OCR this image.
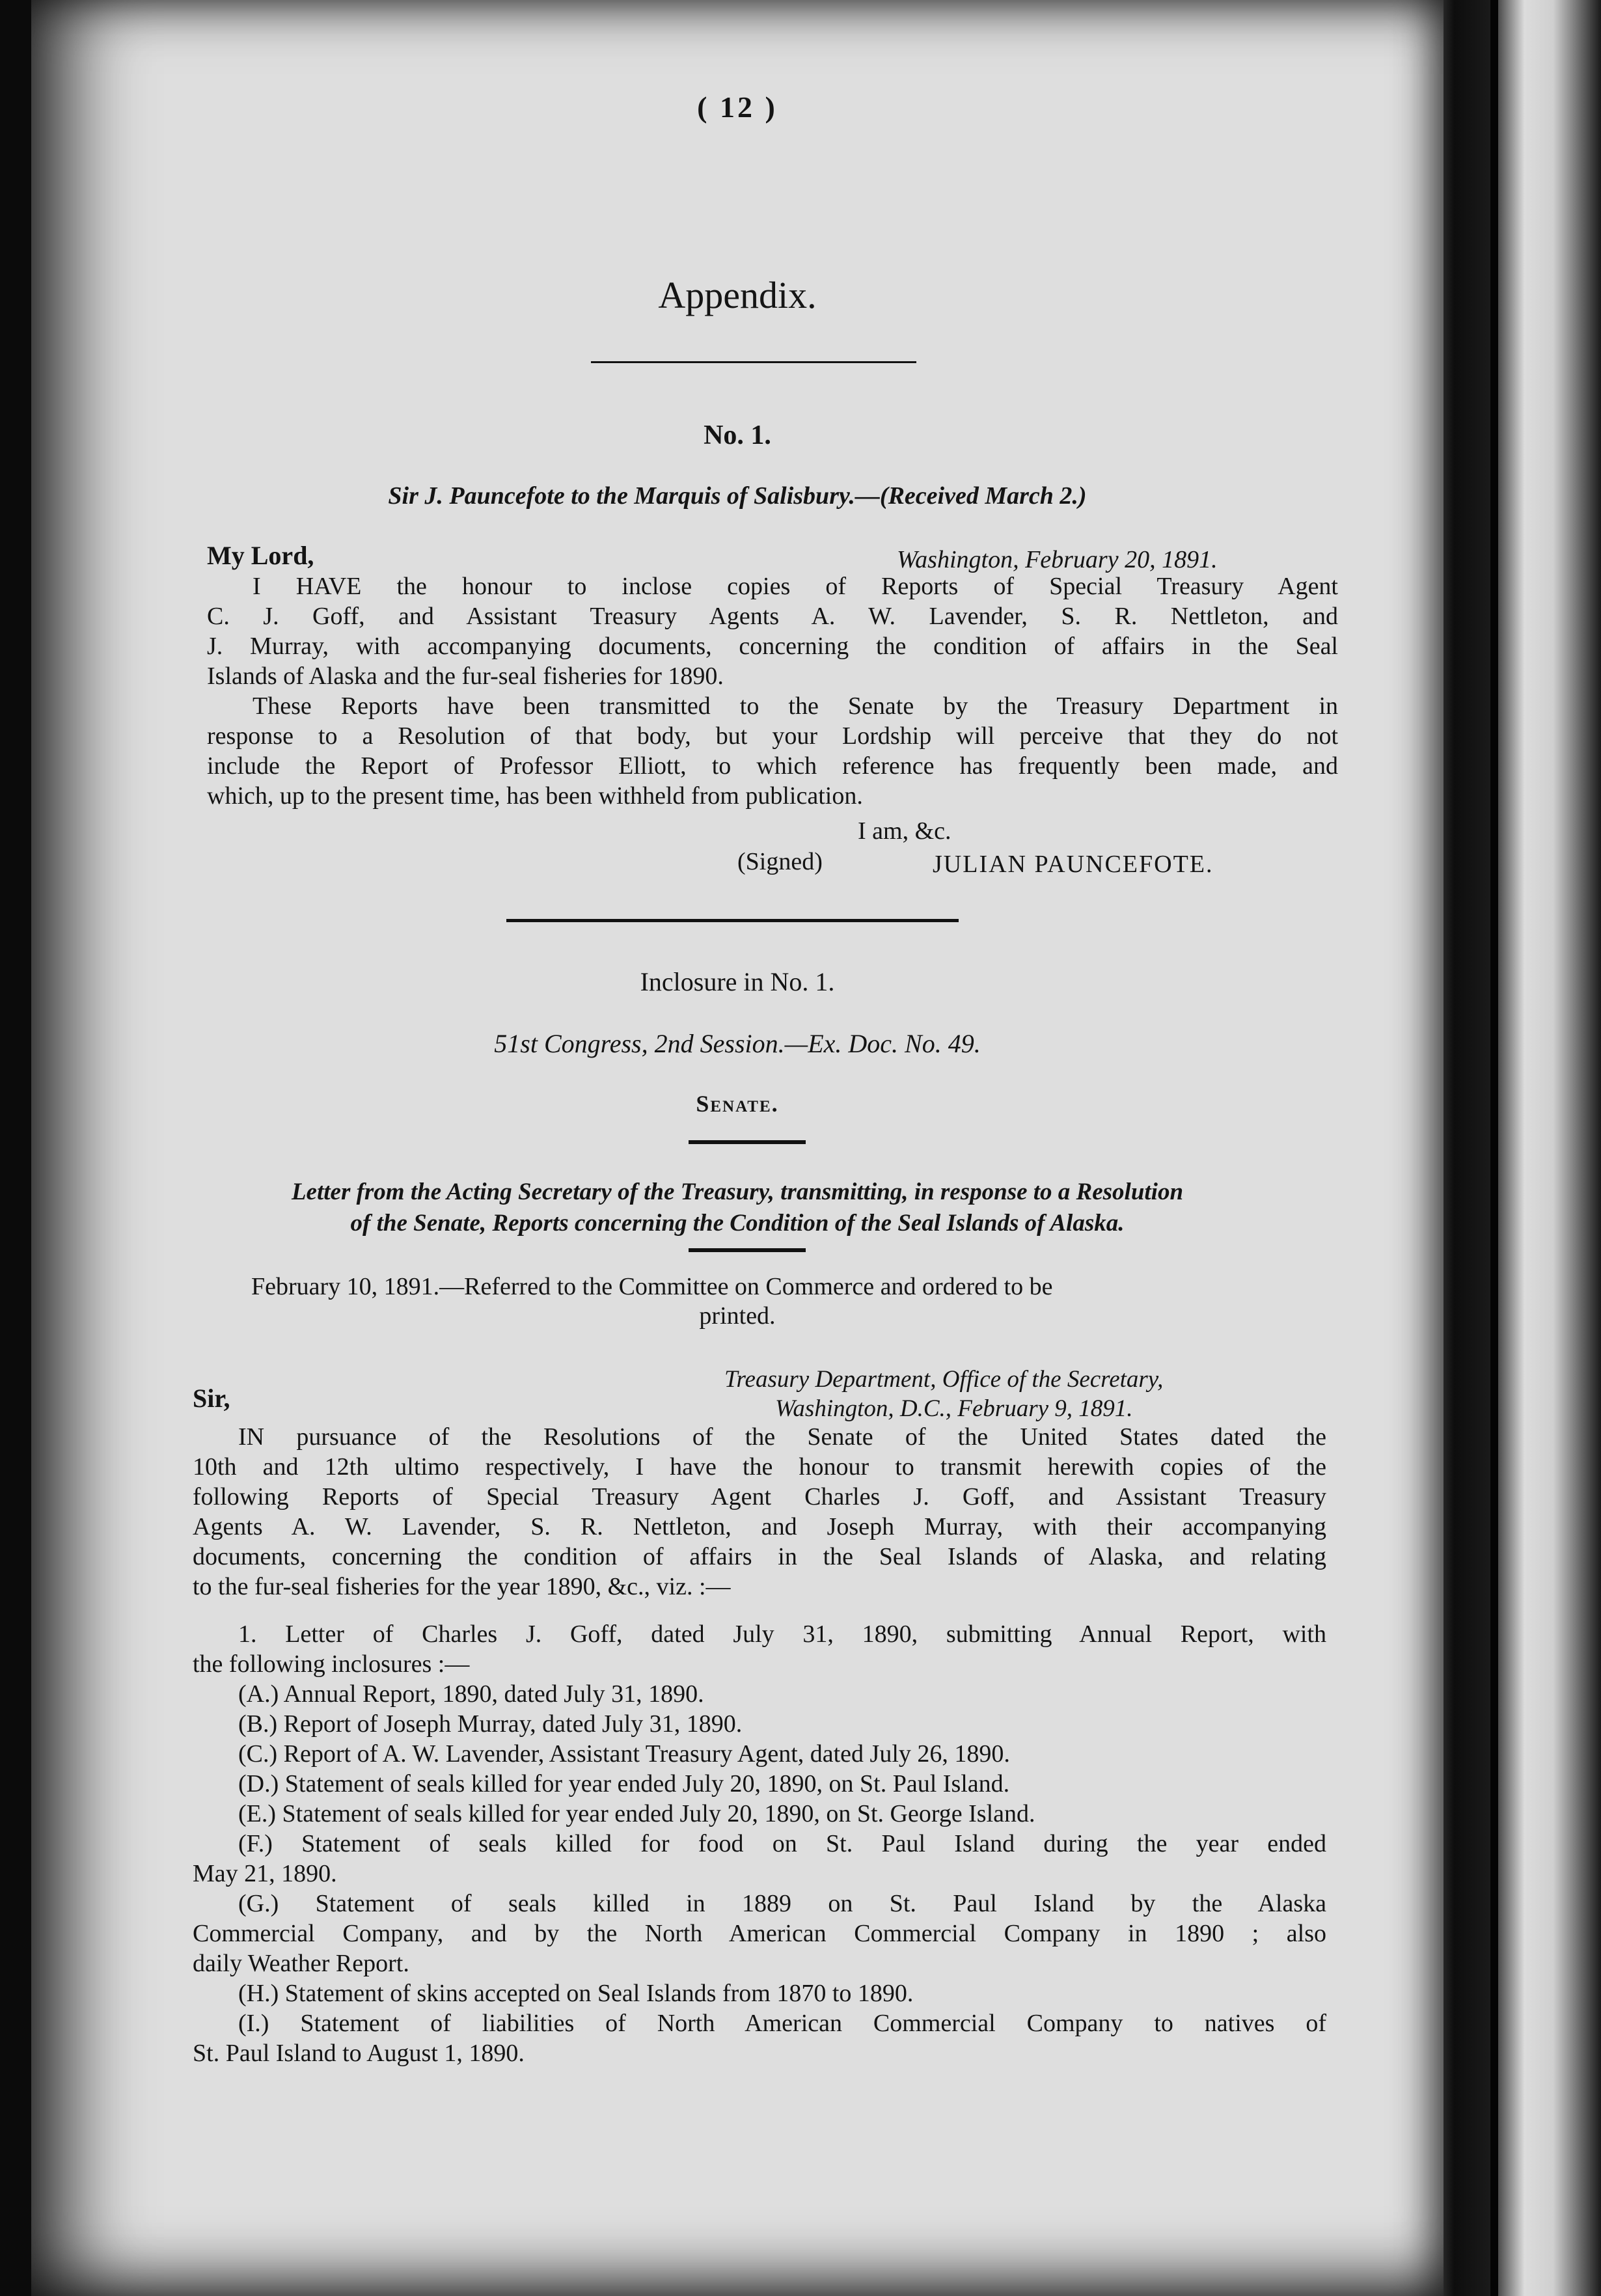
( 12 )
Appendix.
No. 1.
Sir J. Pauncefote to the Marquis of Salisbury.—(Received March 2.)
My Lord,	Washington, February 20, 1891.
I HAVE the honour to inclose copies of Reports of Special Treasury Agent
C. J. Goff, and Assistant Treasury Agents A. W. Lavender, S. R. Nettleton, and
J. Murray, with accompanying documents, concerning the condition of affairs in the Seal
Islands of Alaska and the fur-seal fisheries for 1890.
These Reports have been transmitted to the Senate by the Treasury Department in
response to a Resolution of that body, but your Lordship will perceive that they do not
include the Report of Professor Elliott, to which reference has frequently been made, and
which, up to the present time, has been withheld from publication.
I am, &c.
(Signed)	JULIAN PAUNCEFOTE.
Inclosure in No. 1.
51st Congress, 2nd Session.—Ex. Doc. No. 49.
Senate.
Letter from the Acting Secretary of the Treasury, transmitting, in response to a Resolution
of the Senate, Reports concerning the Condition of the Seal Islands of Alaska.
February 10, 1891.—Referred to the Committee on Commerce and ordered to be
printed.
Treasury Department, Office of the Secretary,
Washington, D.C., February 9, 1891.
Sir,
IN pursuance of the Resolutions of the Senate of the United States dated the
10th and 12th ultimo respectively, I have the honour to transmit herewith copies of the
following Reports of Special Treasury Agent Charles J. Goff, and Assistant Treasury
Agents A. W. Lavender, S. R. Nettleton, and Joseph Murray, with their accompanying
documents, concerning the condition of affairs in the Seal Islands of Alaska, and relating
to the fur-seal fisheries for the year 1890, &c., viz. :—
1. Letter of Charles J. Goff, dated July 31, 1890, submitting Annual Report, with
the following inclosures :—
(A.) Annual Report, 1890, dated July 31, 1890.
(B.) Report of Joseph Murray, dated July 31, 1890.
(C.) Report of A. W. Lavender, Assistant Treasury Agent, dated July 26, 1890.
(D.) Statement of seals killed for year ended July 20, 1890, on St. Paul Island.
(E.) Statement of seals killed for year ended July 20, 1890, on St. George Island.
(F.) Statement of seals killed for food on St. Paul Island during the year ended
May 21, 1890.
(G.) Statement of seals killed in 1889 on St. Paul Island by the Alaska
Commercial Company, and by the North American Commercial Company in 1890 ; also
daily Weather Report.
(H.) Statement of skins accepted on Seal Islands from 1870 to 1890.
(I.) Statement of liabilities of North American Commercial Company to natives of
St. Paul Island to August 1, 1890.
